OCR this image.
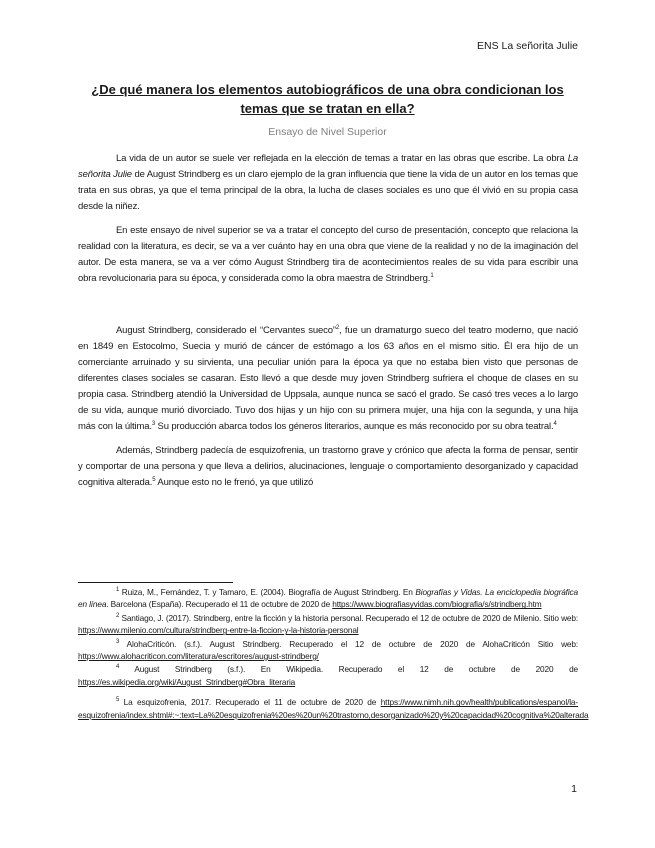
ENS La señorita Julie
¿De qué manera los elementos autobiográficos de una obra condicionan los temas que se tratan en ella?
Ensayo de Nivel Superior

La vida de un autor se suele ver reflejada en la elección de temas a tratar en las obras que escribe. La obra La señorita Julie de August Strindberg es un claro ejemplo de la gran influencia que tiene la vida de un autor en los temas que trata en sus obras, ya que el tema principal de la obra, la lucha de clases sociales es uno que él vivió en su propia casa desde la niñez.

En este ensayo de nivel superior se va a tratar el concepto del curso de presentación, concepto que relaciona la realidad con la literatura, es decir, se va a ver cuánto hay en una obra que viene de la realidad y no de la imaginación del autor. De esta manera, se va a ver cómo August Strindberg tira de acontecimientos reales de su vida para escribir una obra revolucionaria para su época, y considerada como la obra maestra de Strindberg.$^1$

August Strindberg, considerado el “Cervantes sueco”$^2$, fue un dramaturgo sueco del teatro moderno, que nació en 1849 en Estocolmo, Suecia y murió de cáncer de estómago a los 63 años en el mismo sitio. Él era hijo de un comerciante arruinado y su sirvienta, una peculiar unión para la época ya que no estaba bien visto que personas de diferentes clases sociales se casaran. Esto llevó a que desde muy joven Strindberg sufriera el choque de clases en su propia casa. Strindberg atendió la Universidad de Uppsala, aunque nunca se sacó el grado. Se casó tres veces a lo largo de su vida, aunque murió divorciado. Tuvo dos hijas y un hijo con su primera mujer, una hija con la segunda, y una hija más con la última.$^3$ Su producción abarca todos los géneros literarios, aunque es más reconocido por su obra teatral.$^4$

Además, Strindberg padecía de esquizofrenia, un trastorno grave y crónico que afecta la forma de pensar, sentir y comportar de una persona y que lleva a delirios, alucinaciones, lenguaje o comportamiento desorganizado y capacidad cognitiva alterada.$^5$ Aunque esto no le frenó, ya que utilizó

$^1$ Ruiza, M., Fernández, T. y Tamaro, E. (2004). Biografía de August Strindberg. En Biografías y Vidas. La enciclopedia biográfica en línea. Barcelona (España). Recuperado el 11 de octubre de 2020 de https://www.biografiasyvidas.com/biografia/s/strindberg.htm

$^2$ Santiago, J. (2017). Strindberg, entre la ficción y la historia personal. Recuperado el 12 de octubre de 2020 de Milenio. Sitio web: https://www.milenio.com/cultura/strindberg-entre-la-ficcion-y-la-historia-personal

$^3$ AlohaCriticón. (s.f.). August Strindberg. Recuperado el 12 de octubre de 2020 de AlohaCriticón Sitio web: https://www.alohacriticon.com/literatura/escritores/august-strindberg/

$^4$ August Strindberg (s.f.). En Wikipedia. Recuperado el 12 de octubre de 2020 de https://es.wikipedia.org/wiki/August_Strindberg#Obra_literaria

$^5$ La esquizofrenia, 2017. Recuperado el 11 de octubre de 2020 de https://www.nimh.nih.gov/health/publications/espanol/la-esquizofrenia/index.shtml#:~:text=La%20esquizofrenia%20es%20un%20trastorno,desorganizado%20y%20capacidad%20cognitiva%20alterada

1
